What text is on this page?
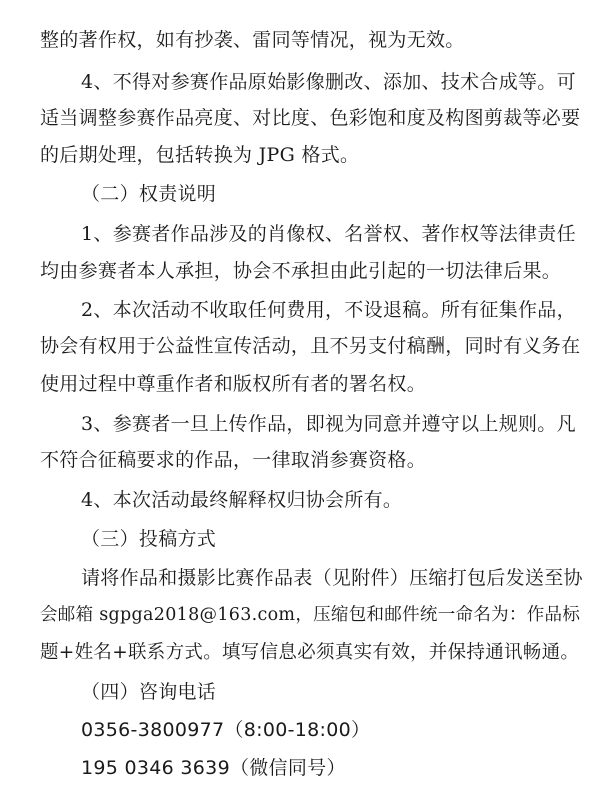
整的著作权，如有抄袭、雷同等情况，视为无效。
4、不得对参赛作品原始影像删改、添加、技术合成等。可
适当调整参赛作品亮度、对比度、色彩饱和度及构图剪裁等必要
的后期处理，包括转换为 JPG 格式。
（二）权责说明
1、参赛者作品涉及的肖像权、名誉权、著作权等法律责任
均由参赛者本人承担，协会不承担由此引起的一切法律后果。
2、本次活动不收取任何费用，不设退稿。所有征集作品，
协会有权用于公益性宣传活动，且不另支付稿酬，同时有义务在
使用过程中尊重作者和版权所有者的署名权。
3、参赛者一旦上传作品，即视为同意并遵守以上规则。凡
不符合征稿要求的作品，一律取消参赛资格。
4、本次活动最终解释权归协会所有。
（三）投稿方式
请将作品和摄影比赛作品表（见附件）压缩打包后发送至协
会邮箱 sgpga2018@163.com，压缩包和邮件统一命名为：作品标
题+姓名+联系方式。填写信息必须真实有效，并保持通讯畅通。
（四）咨询电话
0356-3800977（8:00-18:00）
195 0346 3639（微信同号）
